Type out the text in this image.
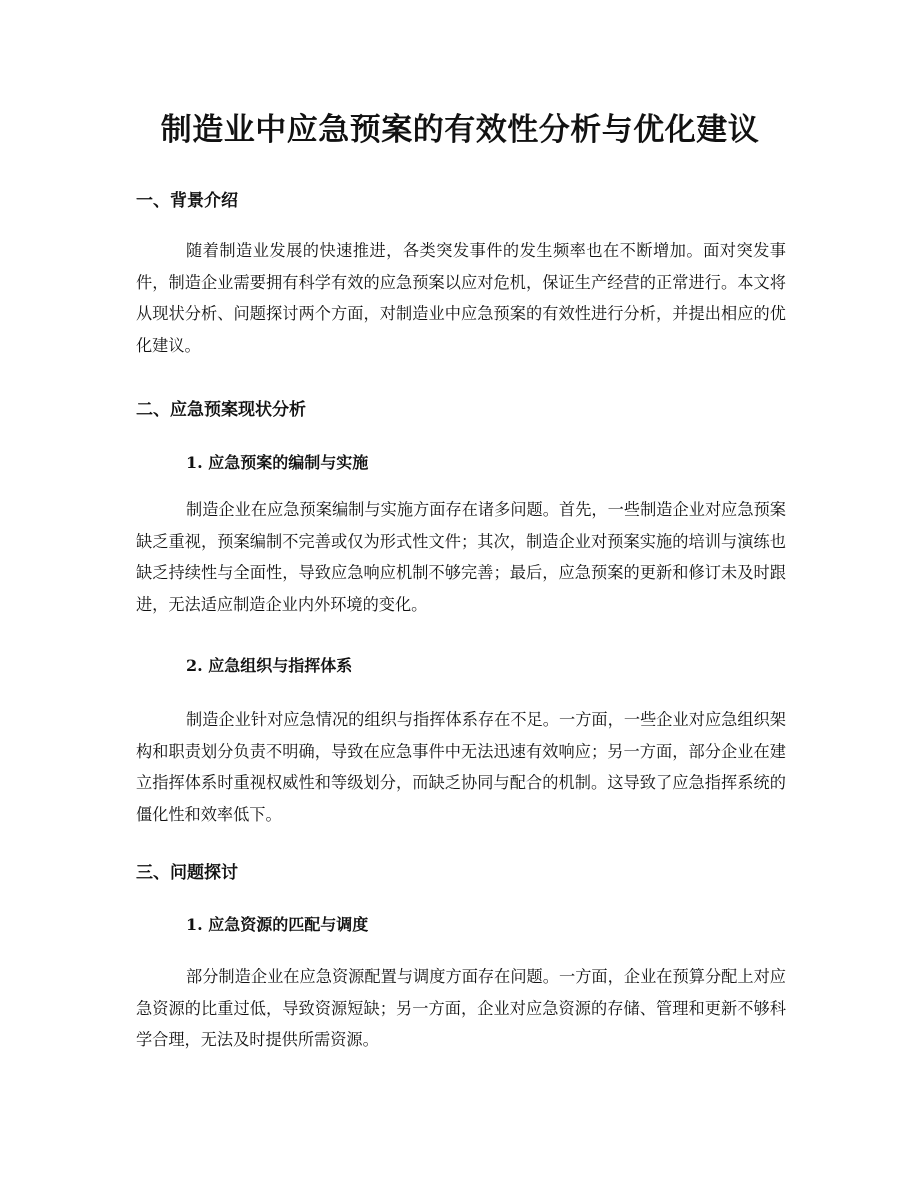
制造业中应急预案的有效性分析与优化建议
一、背景介绍

随着制造业发展的快速推进，各类突发事件的发生频率也在不断增加。面对突发事件，制造企业需要拥有科学有效的应急预案以应对危机，保证生产经营的正常进行。本文将从现状分析、问题探讨两个方面，对制造业中应急预案的有效性进行分析，并提出相应的优化建议。

二、应急预案现状分析
1. 应急预案的编制与实施

制造企业在应急预案编制与实施方面存在诸多问题。首先，一些制造企业对应急预案缺乏重视，预案编制不完善或仅为形式性文件；其次，制造企业对预案实施的培训与演练也缺乏持续性与全面性，导致应急响应机制不够完善；最后，应急预案的更新和修订未及时跟进，无法适应制造企业内外环境的变化。

2. 应急组织与指挥体系

制造企业针对应急情况的组织与指挥体系存在不足。一方面，一些企业对应急组织架构和职责划分负责不明确，导致在应急事件中无法迅速有效响应；另一方面，部分企业在建立指挥体系时重视权威性和等级划分，而缺乏协同与配合的机制。这导致了应急指挥系统的僵化性和效率低下。

三、问题探讨
1. 应急资源的匹配与调度

部分制造企业在应急资源配置与调度方面存在问题。一方面，企业在预算分配上对应急资源的比重过低，导致资源短缺；另一方面，企业对应急资源的存储、管理和更新不够科学合理，无法及时提供所需资源。
